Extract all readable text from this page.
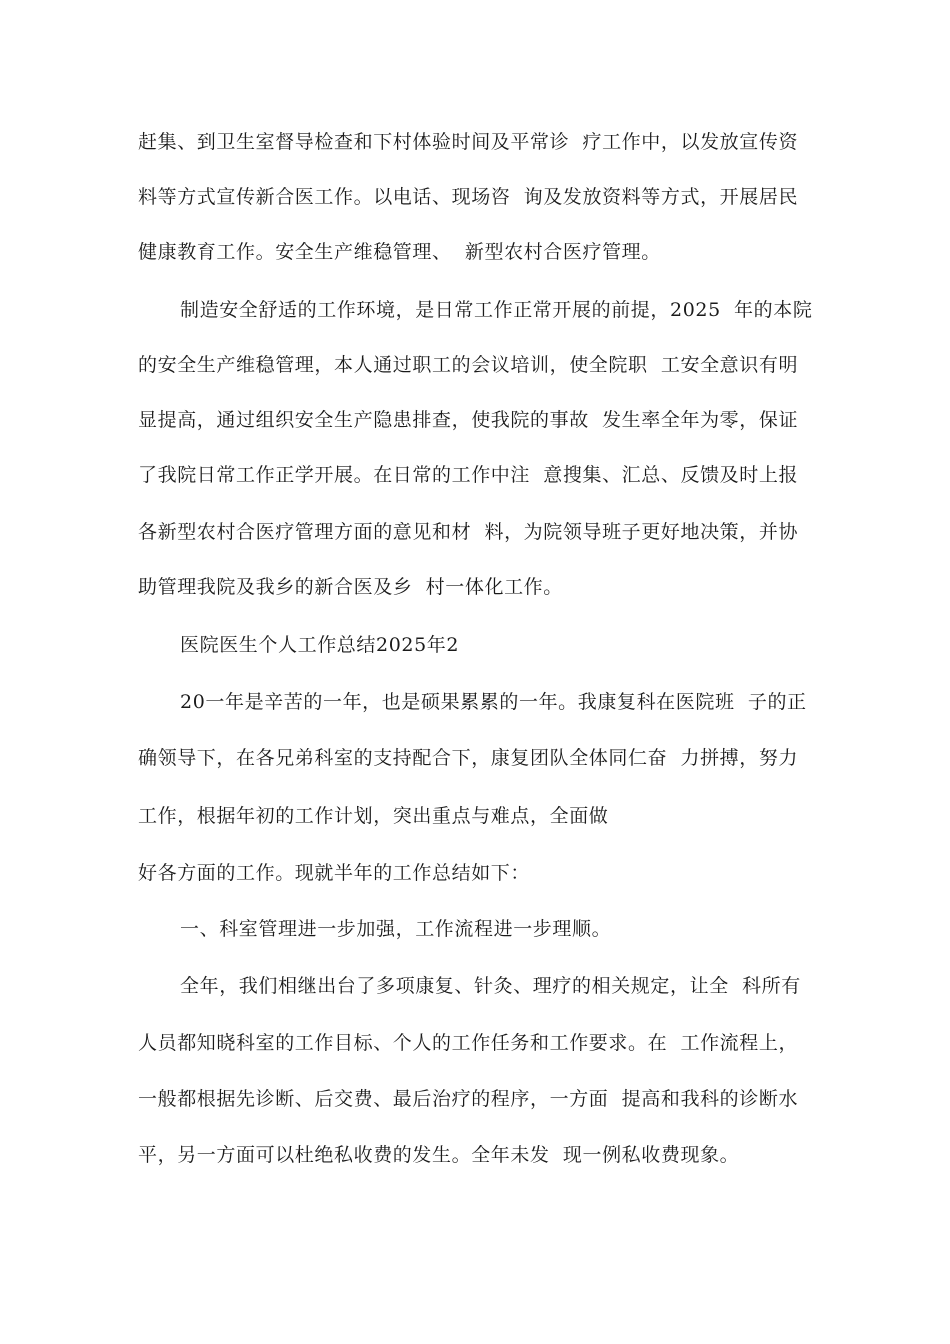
赶集、到卫生室督导检查和下村体验时间及平常诊  疗工作中，以发放宣传资
料等方式宣传新合医工作。以电话、现场咨  询及发放资料等方式，开展居民
健康教育工作。安全生产维稳管理、  新型农村合医疗管理。
制造安全舒适的工作环境，是日常工作正常开展的前提，2025  年的本院
的安全生产维稳管理，本人通过职工的会议培训，使全院职  工安全意识有明
显提高，通过组织安全生产隐患排查，使我院的事故  发生率全年为零，保证
了我院日常工作正学开展。在日常的工作中注  意搜集、汇总、反馈及时上报
各新型农村合医疗管理方面的意见和材  料，为院领导班子更好地决策，并协
助管理我院及我乡的新合医及乡  村一体化工作。
医院医生个人工作总结2025年2
20一年是辛苦的一年，也是硕果累累的一年。我康复科在医院班  子的正
确领导下，在各兄弟科室的支持配合下，康复团队全体同仁奋  力拼搏，努力
工作，根据年初的工作计划，突出重点与难点，全面做
好各方面的工作。现就半年的工作总结如下：
一、科室管理进一步加强，工作流程进一步理顺。
全年，我们相继出台了多项康复、针灸、理疗的相关规定，让全  科所有
人员都知晓科室的工作目标、个人的工作任务和工作要求。在  工作流程上，
一般都根据先诊断、后交费、最后治疗的程序，一方面  提高和我科的诊断水
平，另一方面可以杜绝私收费的发生。全年未发  现一例私收费现象。
